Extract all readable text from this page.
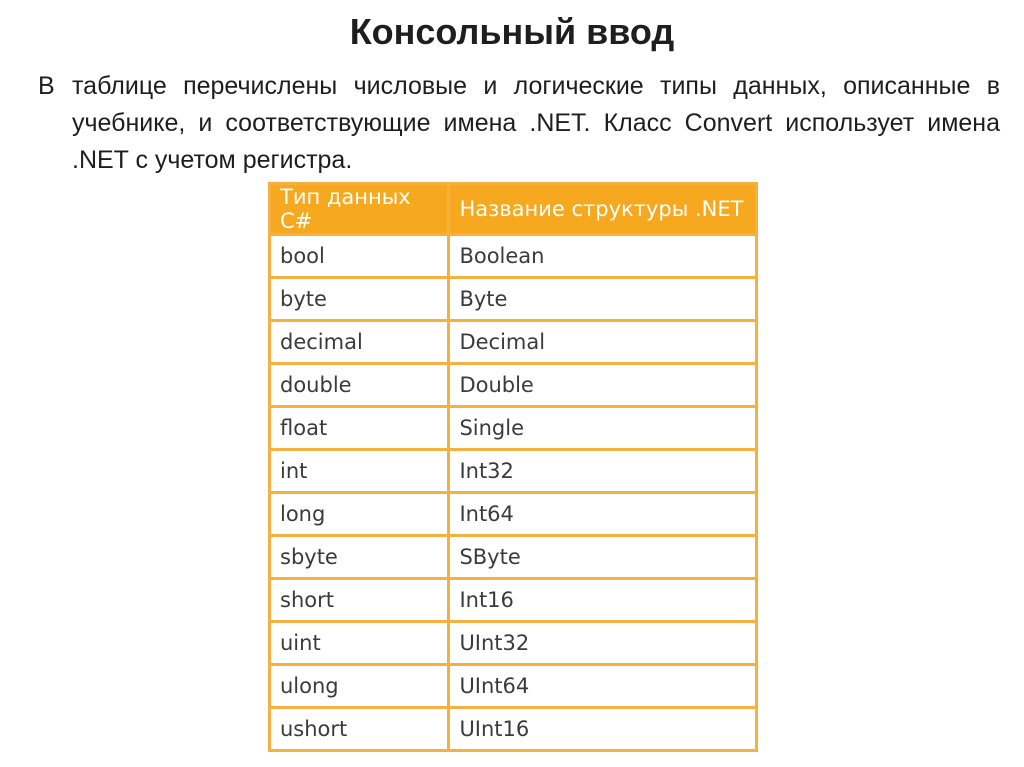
Консольный ввод
В таблице перечислены числовые и логические типы данных, описанные в учебнике, и соответствующие имена .NET. Класс Convert использует имена .NET с учетом регистра.
Тип данных C#	Название структуры .NET
bool	Boolean
byte	Byte
decimal	Decimal
double	Double
float	Single
int	Int32
long	Int64
sbyte	SByte
short	Int16
uint	UInt32
ulong	UInt64
ushort	UInt16
